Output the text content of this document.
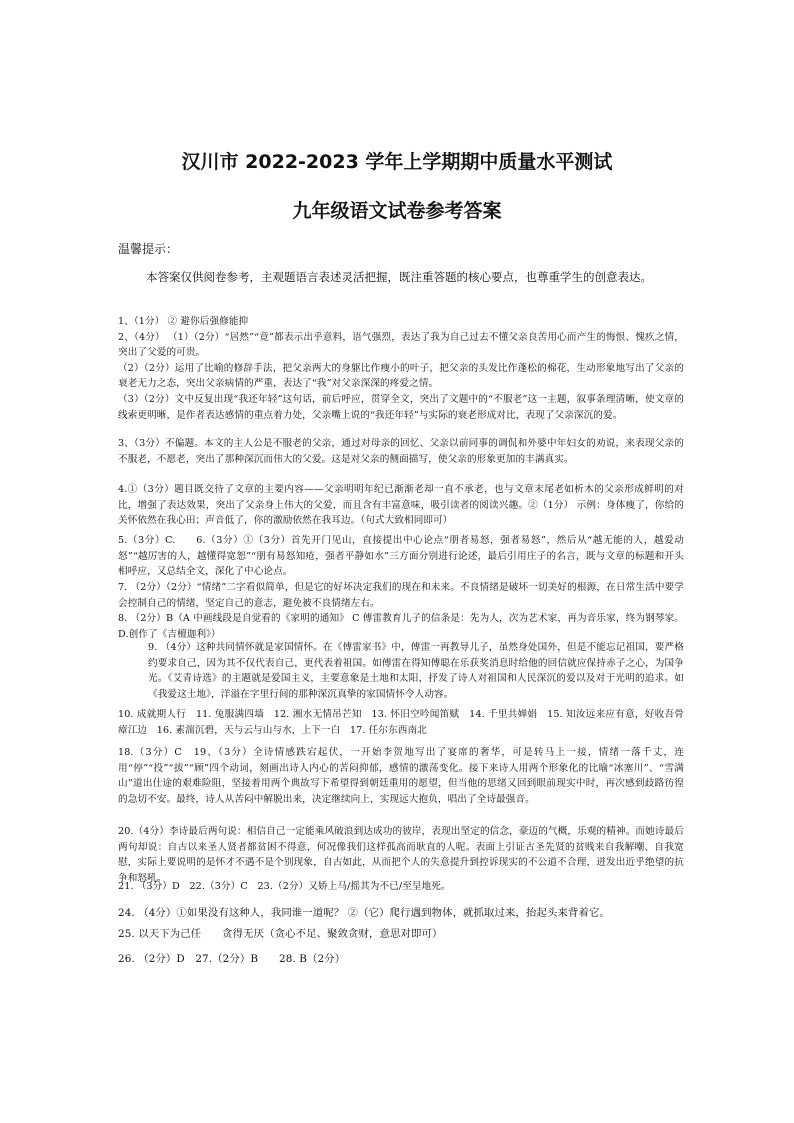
汉川市 2022-2023 学年上学期期中质量水平测试
九年级语文试卷参考答案
温馨提示：
本答案仅供阅卷参考，主观题语言表述灵活把握，既注重答题的核心要点，也尊重学生的创意表达。

1、（1分） ② 避你后强修能抑

2、（4分） （1）（2分）“居然”“竟”都表示出乎意料，语气强烈，表达了我为自己过去不懂父亲良苦用心而产生的悔恨、愧疚之情，突出了父爱的可贵。

（2）（2分）运用了比喻的修辞手法，把父亲两大的身躯比作瘦小的叶子，把父亲的头发比作蓬松的棉花，生动形象地写出了父亲的衰老无力之态，突出父亲病情的严重，表达了“我”对父亲深深的疼爱之情。

（3）（2分）文中反复出现“我还年轻”这句话，前后呼应，贯穿全文，突出了文题中的“不服老”这一主题，叙事条理清晰，使文章的线索更明晰，是作者表达感情的重点着力处，父亲嘴上说的“我还年轻”与实际的衰老形成对比，表现了父亲深沉的爱。

3、（3分）不偏题。本文的主人公是不服老的父亲，通过对母亲的回忆、父亲以前同事的调侃和外婆中年妇女的劝说，来表现父亲的不服老，不愿老，突出了那种深沉而伟大的父爱。这是对父亲的侧面描写，使父亲的形象更加的丰满真实。
4.①（3分）题目既交待了文章的主要内容——父亲明明年纪已渐渐老却一直不承老，也与文章末尾老如析木的父亲形成鲜明的对比，增强了表达效果，突出了父亲身上伟大的父爱，而且含有丰富意味，吸引读者的阅读兴趣。②（1分） 示例：身体瘦了，你给的关怀依然在我心田；声音低了，你的激励依然在我耳边。（句式大致相同即可）
5.（3分）C.　　6.（3分）①（3分）首先开门见山，直接提出中心论点“朋者易怒，强者易怒”，然后从“越无能的人，越爱动怒”“越厉害的人，越懂得宽恕”“朋有易怒知疮，强者平静如水”三方面分别进行论述，最后引用庄子的名言，既与文章的标题和开头相呼应，又总结全文，深化了中心论点。
7. （2分）（2分）“情绪”二字看似简单，但是它的好坏决定我们的现在和未来。不良情绪是破坏一切美好的根源，在日常生活中要学会控制自己的情绪，坚定自己的意志，避免被不良情绪左右。
8. （2分）B（A 中画线段是自觉看的《家明的通知》 C 傅雷教育儿子的信条是：先为人，次为艺术家，再为音乐家，终为钢琴家。 D.创作了《吉檀迦利》）
9. （4分）这种共同情怀就是家国情怀。在《傅雷家书》中，傅雷一再教导儿子，虽然身处国外，但是不能忘记祖国，要严格约要求自己，因为其不仅代表自己，更代表着祖国。如傅雷在得知傅聪在乐获奖消息时给他的回信就应保持赤子之心，为国争光。《艾青诗选》的主题就是爱国主义，主要意象是土地和太阳，抒发了诗人对祖国和人民深沉的爱以及对于光明的追求。如《我爱这土地》，洋溢在字里行间的那种深沉真挚的家国情怀令人动容。
10. 成就期人行　11. 兔服满四墙　12. 湘水无情吊芒知　13. 怀旧空吟闻笛赋　14. 千里共婵娟　15. 知汝远来应有意，好收吾骨瘴江边　16. 素湍沉碧，天与云与山与水，上下一白　17. 任尔东西南北
18.（3分）C　19、（3分）全诗情感跌宕起伏，一开始李贺地写出了宴席的奢华，可是转马上一接，情绪一落千丈，连用“停”“投”“拔”“顾”四个动词，刻画出诗人内心的苦闷抑郁，感情的激荡变化。接下来诗人用两个形象化的比喻“冰塞川”、“雪满山”道出仕途的艰难险阻，坚接着用两个典故写下希望得到朝廷重用的愿望，但当他的思绪又回到眼前现实中时，再次感到歧路彷徨的急切不安。最终，诗人从苦闷中解脱出来，决定继续向上，实现远大抱负，唱出了全诗最强音。
20.（4分）李诗最后两句说：相信自己一定能乘风破浪到达成功的彼岸，表现出坚定的信念，豪迈的气概，乐观的精神。而她诗最后两句却说：自古以来圣人贤者都贫困不得意，何况像我们这样孤高而耿直的人呢。表面上引证古圣先贤的贫贱来自我解嘲、自我宽慰，实际上要说明的是怀才不遇不是个别现象，自古如此，从而把个人的失意提升到控诉现实的不公道不合理，迸发出近乎绝望的抗争和怒吼。
21. （3分）D　22.（3分）C　23.（2分）又娇上马/摇其为不已/至呈地死。
24. （4分）①如果没有这种人，我同谁一道呢？ ②（它）爬行遇到物体，就抓取过来，抬起头来背着它。
25. 以天下为己任　　贪得无厌（贪心不足、聚敛贪财，意思对即可）
26. （2分）D　27.（2分）B　　28. B（2分）
